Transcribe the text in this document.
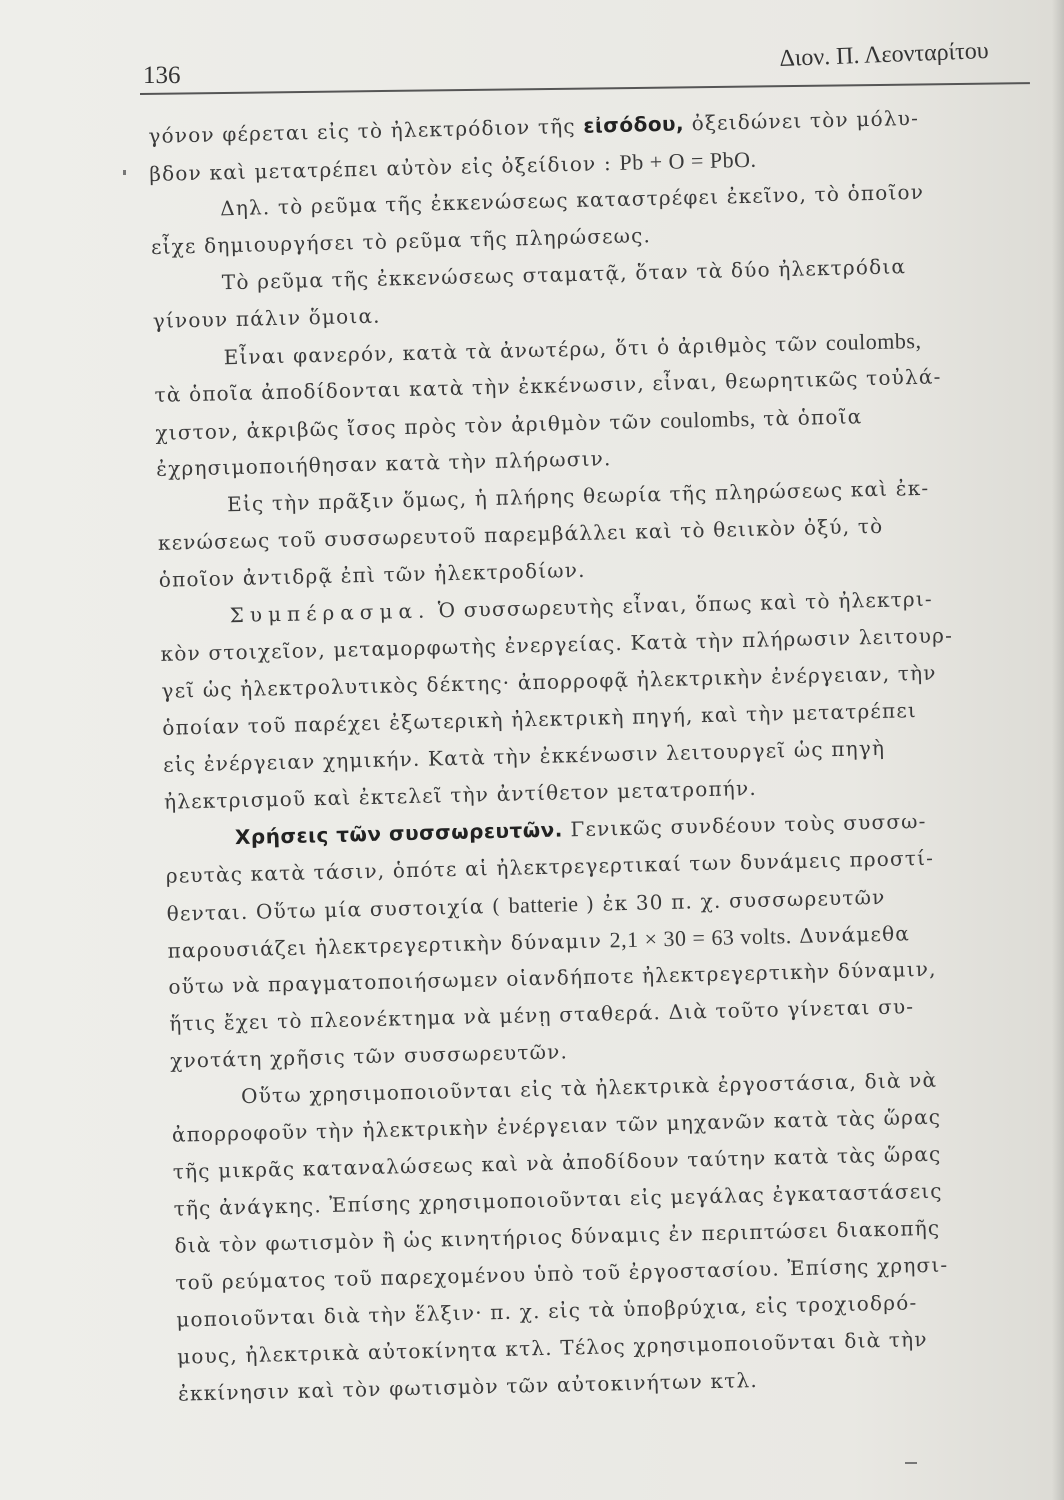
136
Διον. Π. Λεονταρίτου
γόνον φέρεται εἰς τὸ ἠλεκτρόδιον τῆς εἰσόδου, ὀξειδώνει τὸν μόλυ-
βδον καὶ μετατρέπει αὐτὸν εἰς ὀξείδιον : Pb + O = PbO.
Δηλ. τὸ ρεῦμα τῆς ἐκκενώσεως καταστρέφει ἐκεῖνο, τὸ ὁποῖον
εἶχε δημιουργήσει τὸ ρεῦμα τῆς πληρώσεως.
Τὸ ρεῦμα τῆς ἐκκενώσεως σταματᾷ, ὅταν τὰ δύο ἠλεκτρόδια
γίνουν πάλιν ὅμοια.
Εἶναι φανερόν, κατὰ τὰ ἀνωτέρω, ὅτι ὁ ἀριθμὸς τῶν coulombs,
τὰ ὁποῖα ἀποδίδονται κατὰ τὴν ἐκκένωσιν, εἶναι, θεωρητικῶς τοὐλά-
χιστον, ἀκριβῶς ἴσος πρὸς τὸν ἀριθμὸν τῶν coulombs, τὰ ὁποῖα
ἐχρησιμοποιήθησαν κατὰ τὴν πλήρωσιν.
Εἰς τὴν πρᾶξιν ὅμως, ἡ πλήρης θεωρία τῆς πληρώσεως καὶ ἐκ-
κενώσεως τοῦ συσσωρευτοῦ παρεμβάλλει καὶ τὸ θειικὸν ὀξύ, τὸ
ὁποῖον ἀντιδρᾷ ἐπὶ τῶν ἠλεκτροδίων.
Συμπέρασμα. Ὁ συσσωρευτὴς εἶναι, ὅπως καὶ τὸ ἠλεκτρι-
κὸν στοιχεῖον, μεταμορφωτὴς ἐνεργείας. Κατὰ τὴν πλήρωσιν λειτουρ-
γεῖ ὡς ἠλεκτρολυτικὸς δέκτης· ἀπορροφᾷ ἠλεκτρικὴν ἐνέργειαν, τὴν
ὁποίαν τοῦ παρέχει ἐξωτερικὴ ἠλεκτρικὴ πηγή, καὶ τὴν μετατρέπει
εἰς ἐνέργειαν χημικήν. Κατὰ τὴν ἐκκένωσιν λειτουργεῖ ὡς πηγὴ
ἠλεκτρισμοῦ καὶ ἐκτελεῖ τὴν ἀντίθετον μετατροπήν.
Χρήσεις τῶν συσσωρευτῶν. Γενικῶς συνδέουν τοὺς συσσω-
ρευτὰς κατὰ τάσιν, ὁπότε αἱ ἠλεκτρεγερτικαί των δυνάμεις προστί-
θενται. Οὕτω μία συστοιχία ( batterie ) ἐκ 30 π. χ. συσσωρευτῶν
παρουσιάζει ἠλεκτρεγερτικὴν δύναμιν 2,1 × 30 = 63 volts. Δυνάμεθα
οὕτω νὰ πραγματοποιήσωμεν οἱανδήποτε ἠλεκτρεγερτικὴν δύναμιν,
ἥτις ἔχει τὸ πλεονέκτημα νὰ μένῃ σταθερά. Διὰ τοῦτο γίνεται συ-
χνοτάτη χρῆσις τῶν συσσωρευτῶν.
Οὕτω χρησιμοποιοῦνται εἰς τὰ ἠλεκτρικὰ ἐργοστάσια, διὰ νὰ
ἀπορροφοῦν τὴν ἠλεκτρικὴν ἐνέργειαν τῶν μηχανῶν κατὰ τὰς ὥρας
τῆς μικρᾶς καταναλώσεως καὶ νὰ ἀποδίδουν ταύτην κατὰ τὰς ὥρας
τῆς ἀνάγκης. Ἐπίσης χρησιμοποιοῦνται εἰς μεγάλας ἐγκαταστάσεις
διὰ τὸν φωτισμὸν ἢ ὡς κινητήριος δύναμις ἐν περιπτώσει διακοπῆς
τοῦ ρεύματος τοῦ παρεχομένου ὑπὸ τοῦ ἐργοστασίου. Ἐπίσης χρησι-
μοποιοῦνται διὰ τὴν ἕλξιν· π. χ. εἰς τὰ ὑποβρύχια, εἰς τροχιοδρό-
μους, ἠλεκτρικὰ αὐτοκίνητα κτλ. Τέλος χρησιμοποιοῦνται διὰ τὴν
ἐκκίνησιν καὶ τὸν φωτισμὸν τῶν αὐτοκινήτων κτλ.
